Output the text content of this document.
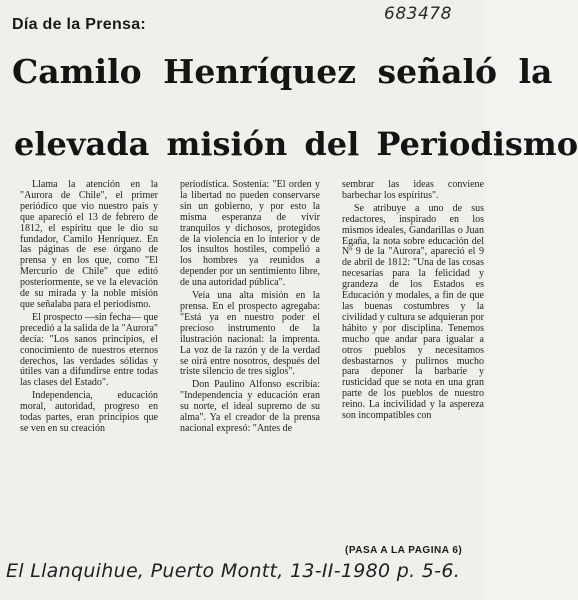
683478
Día de la Prensa:
Camilo Henríquez señaló la
elevada misión del Periodismo

Llama la atención en la "Aurora de Chile", el primer periódico que vio nuestro país y que apareció el 13 de febrero de 1812, el espíritu que le dio su fundador, Camilo Henríquez. En las páginas de ese órgano de prensa y en los que, como "El Mercurio de Chile" que editó posteriormente, se ve la elevación de su mirada y la noble misión que señalaba para el periodismo.

El prospecto —sin fecha— que precedió a la salida de la "Aurora" decía: "Los sanos principios, el conocimiento de nuestros eternos derechos, las verdades sólidas y útiles van a difundirse entre todas las clases del Estado".

Independencia, educación moral, autoridad, progreso en todas partes, eran principios que se ven en su creación

periodística. Sostenía: "El orden y la libertad no pueden conservarse sin un gobierno, y por esto la misma esperanza de vivir tranquilos y dichosos, protegidos de la violencia en lo interior y de los insultos hostiles, compelió a los hombres ya reunidos a depender por un sentimiento libre, de una autoridad pública".

Veía una alta misión en la prensa. En el prospecto agregaba: "Está ya en nuestro poder el precioso instrumento de la ilustración nacional: la imprenta. La voz de la razón y de la verdad se oirá entre nosotros, después del triste silencio de tres siglos".

Don Paulino Alfonso escribía: "Independencia y educación eran su norte, el ideal supremo de su alma". Ya el creador de la prensa nacional expresó: "Antes de

sembrar las ideas conviene barbechar los espíritus".

Se atribuye a uno de sus redactores, inspirado en los mismos ideales, Gandarillas o Juan Egaña, la nota sobre educación del Nº 9 de la "Aurora", apareció el 9 de abril de 1812: "Una de las cosas necesarias para la felicidad y grandeza de los Estados es Educación y modales, a fin de que las buenas costumbres y la civilidad y cultura se adquieran por hábito y por disciplina. Tenemos mucho que andar para igualar a otros pueblos y necesitamos desbastarnos y pulirnos mucho para deponer la barbarie y rusticidad que se nota en una gran parte de los pueblos de nuestro reino. La incivilidad y la aspereza son incompatibles con

(PASA A LA PAGINA 6)
El Llanquihue, Puerto Montt, 13-II-1980 p. 5-6.
